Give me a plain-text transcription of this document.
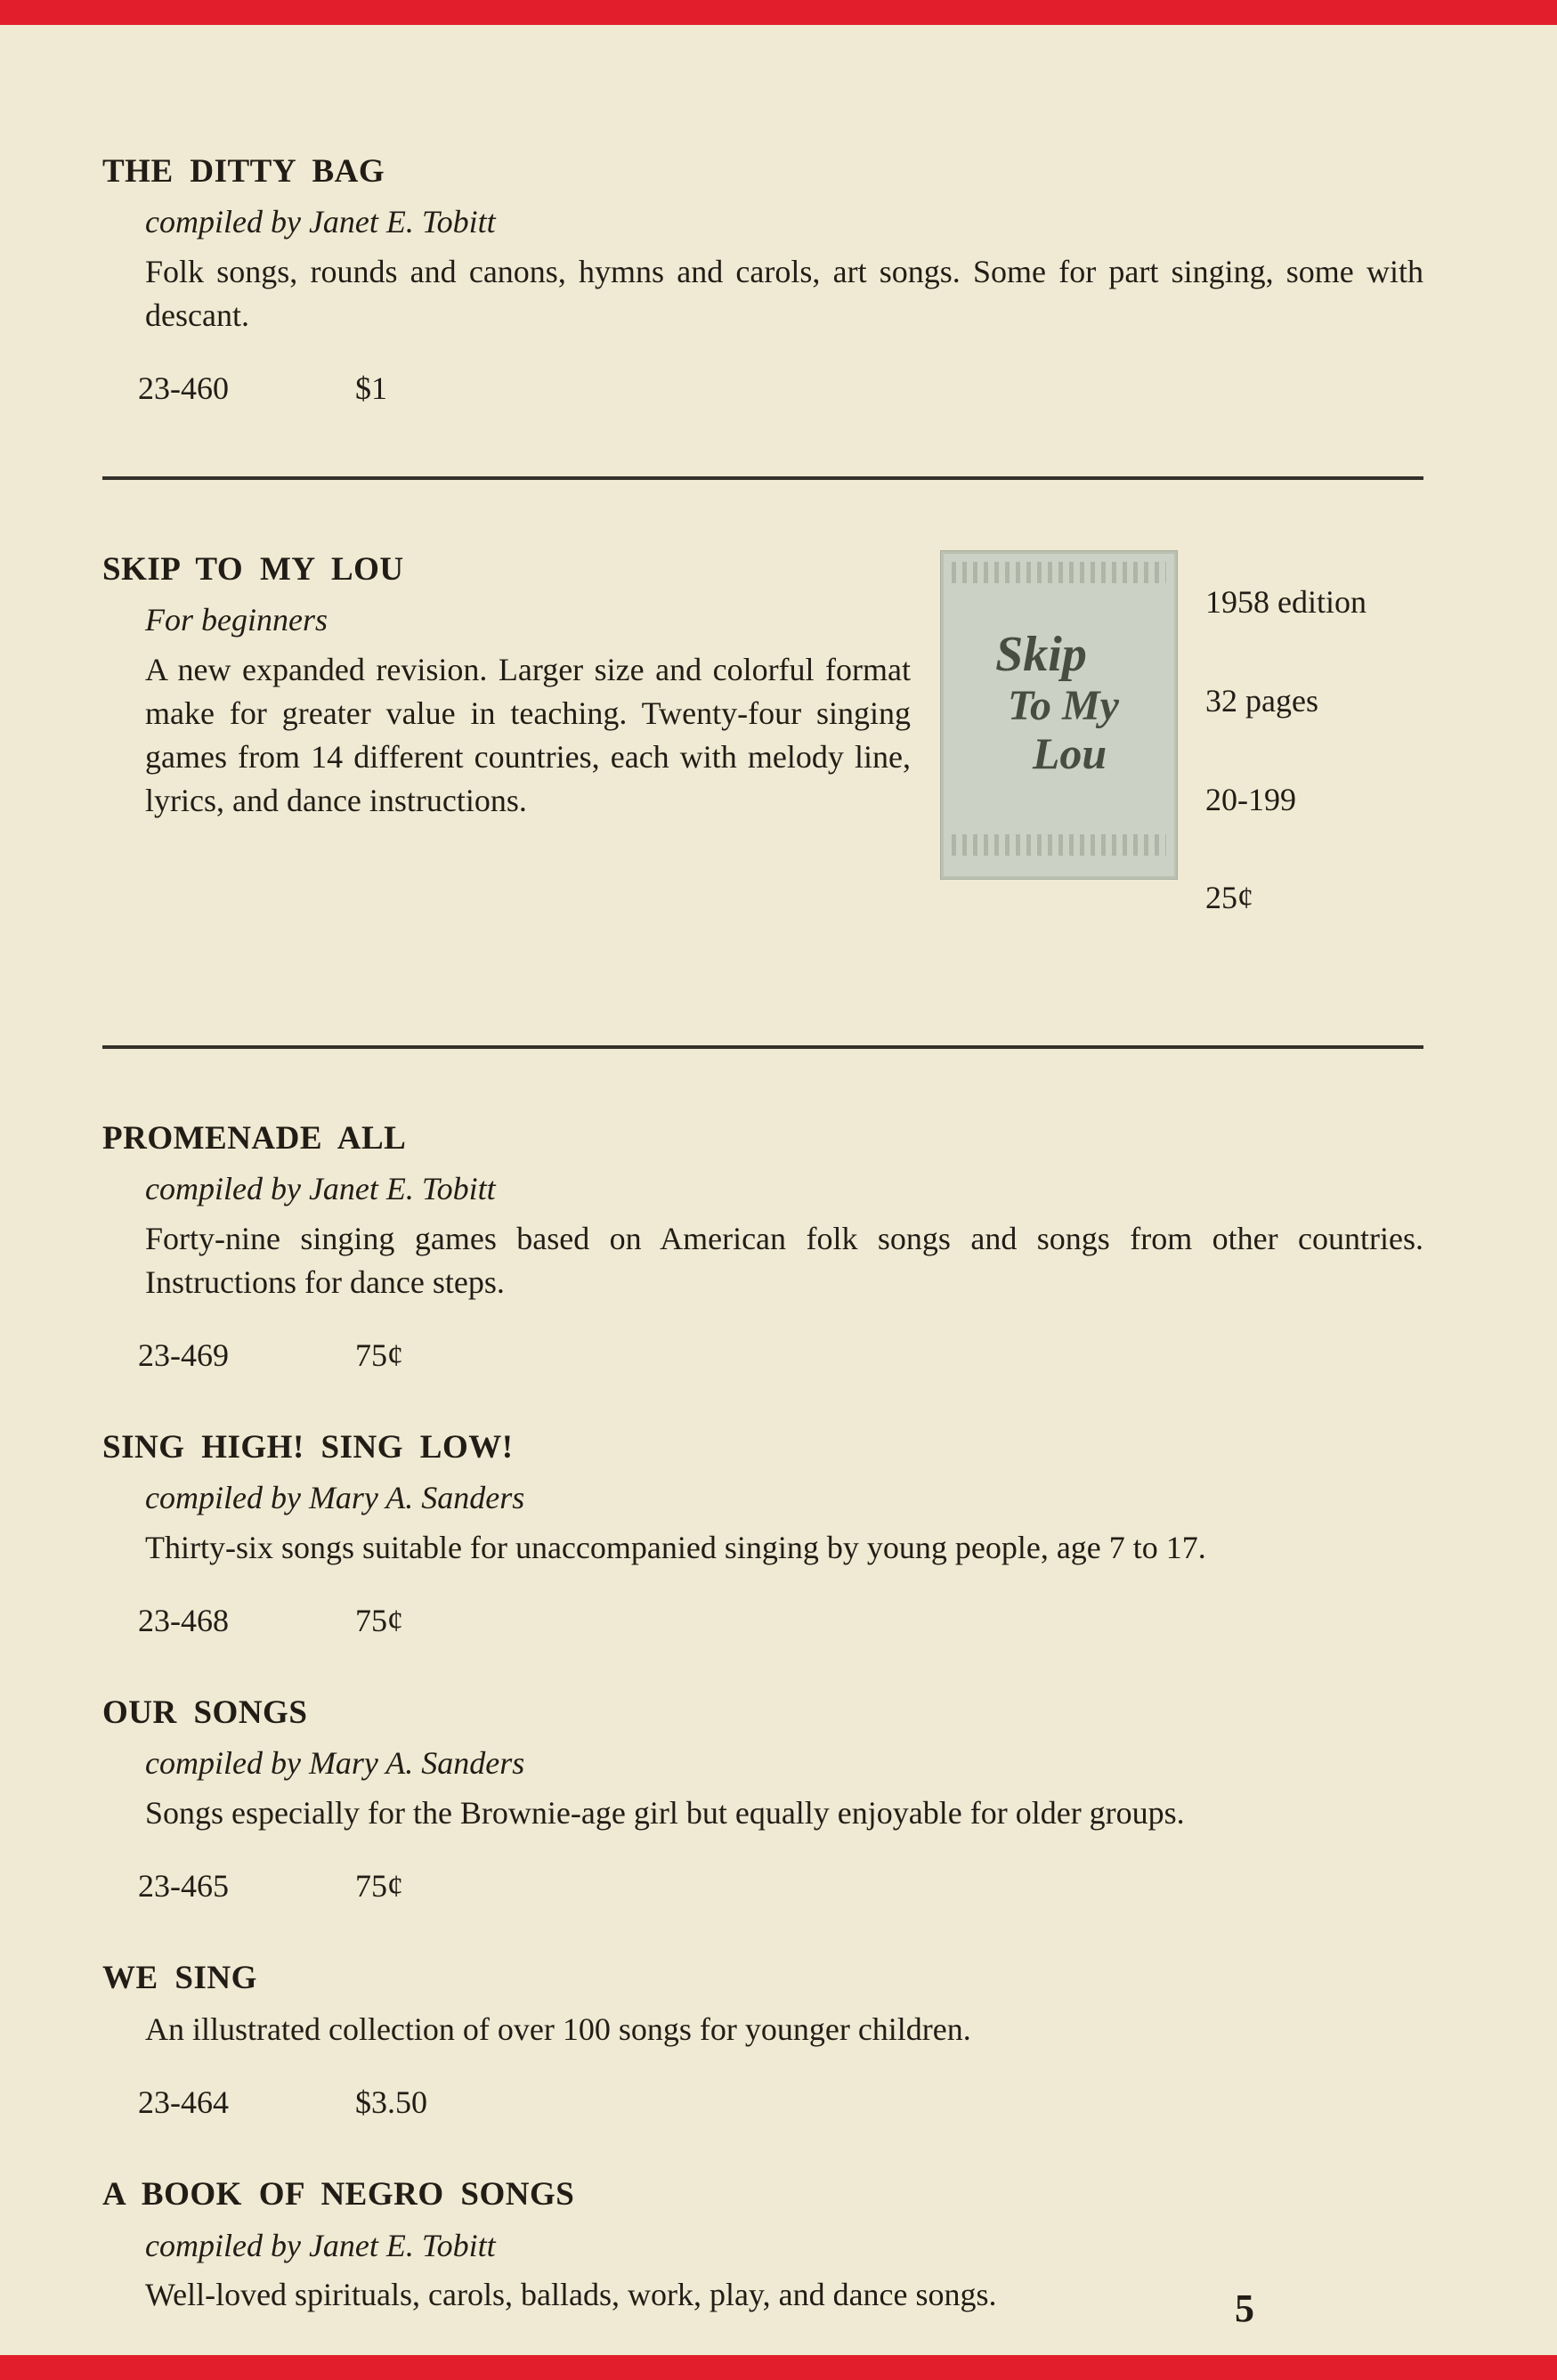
THE DITTY BAG

compiled by Janet E. Tobitt

Folk songs, rounds and canons, hymns and carols, art songs. Some for part singing, some with descant.

23-460	$1

SKIP TO MY LOU

For beginners

A new expanded revision. Larger size and colorful format make for greater value in teaching. Twenty-four singing games from 14 different countries, each with melody line, lyrics, and dance instructions.

Skip
To My
Lou
1958 edition
32 pages
20-199
25¢
PROMENADE ALL

compiled by Janet E. Tobitt

Forty-nine singing games based on American folk songs and songs from other countries. Instructions for dance steps.

23-469	75¢

SING HIGH! SING LOW!

compiled by Mary A. Sanders

Thirty-six songs suitable for unaccompanied singing by young people, age 7 to 17.

23-468	75¢

OUR SONGS

compiled by Mary A. Sanders

Songs especially for the Brownie-age girl but equally enjoyable for older groups.

23-465	75¢

WE SING

An illustrated collection of over 100 songs for younger children.

23-464	$3.50

A BOOK OF NEGRO SONGS

compiled by Janet E. Tobitt

Well-loved spirituals, carols, ballads, work, play, and dance songs.	5
